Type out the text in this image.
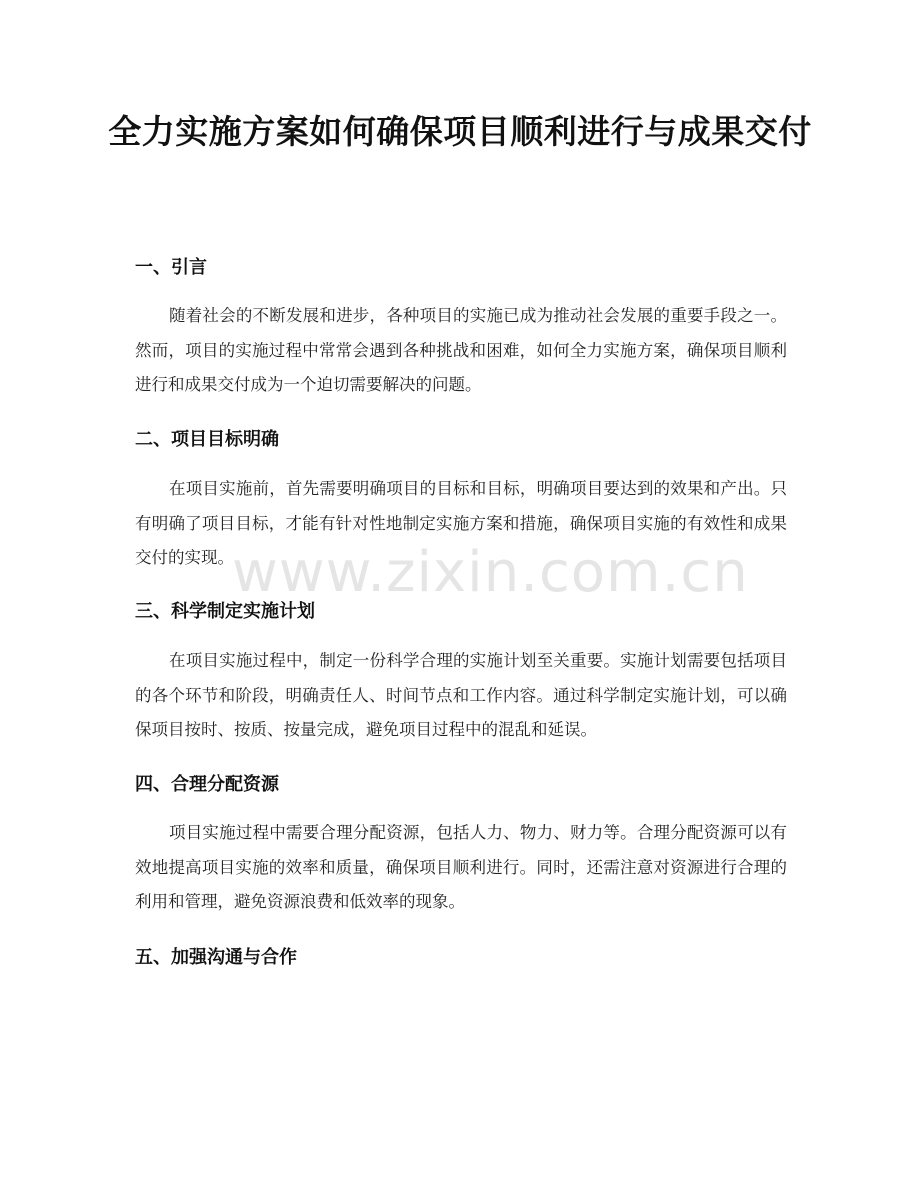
全力实施方案如何确保项目顺利进行与成果交付
一、引言

随着社会的不断发展和进步，各种项目的实施已成为推动社会发展的重要手段之一。然而，项目的实施过程中常常会遇到各种挑战和困难，如何全力实施方案，确保项目顺利进行和成果交付成为一个迫切需要解决的问题。

二、项目目标明确

在项目实施前，首先需要明确项目的目标和目标，明确项目要达到的效果和产出。只有明确了项目目标，才能有针对性地制定实施方案和措施，确保项目实施的有效性和成果交付的实现。

三、科学制定实施计划

在项目实施过程中，制定一份科学合理的实施计划至关重要。实施计划需要包括项目的各个环节和阶段，明确责任人、时间节点和工作内容。通过科学制定实施计划，可以确保项目按时、按质、按量完成，避免项目过程中的混乱和延误。

四、合理分配资源

项目实施过程中需要合理分配资源，包括人力、物力、财力等。合理分配资源可以有效地提高项目实施的效率和质量，确保项目顺利进行。同时，还需注意对资源进行合理的利用和管理，避免资源浪费和低效率的现象。

五、加强沟通与合作
www.zixin.com.cn
